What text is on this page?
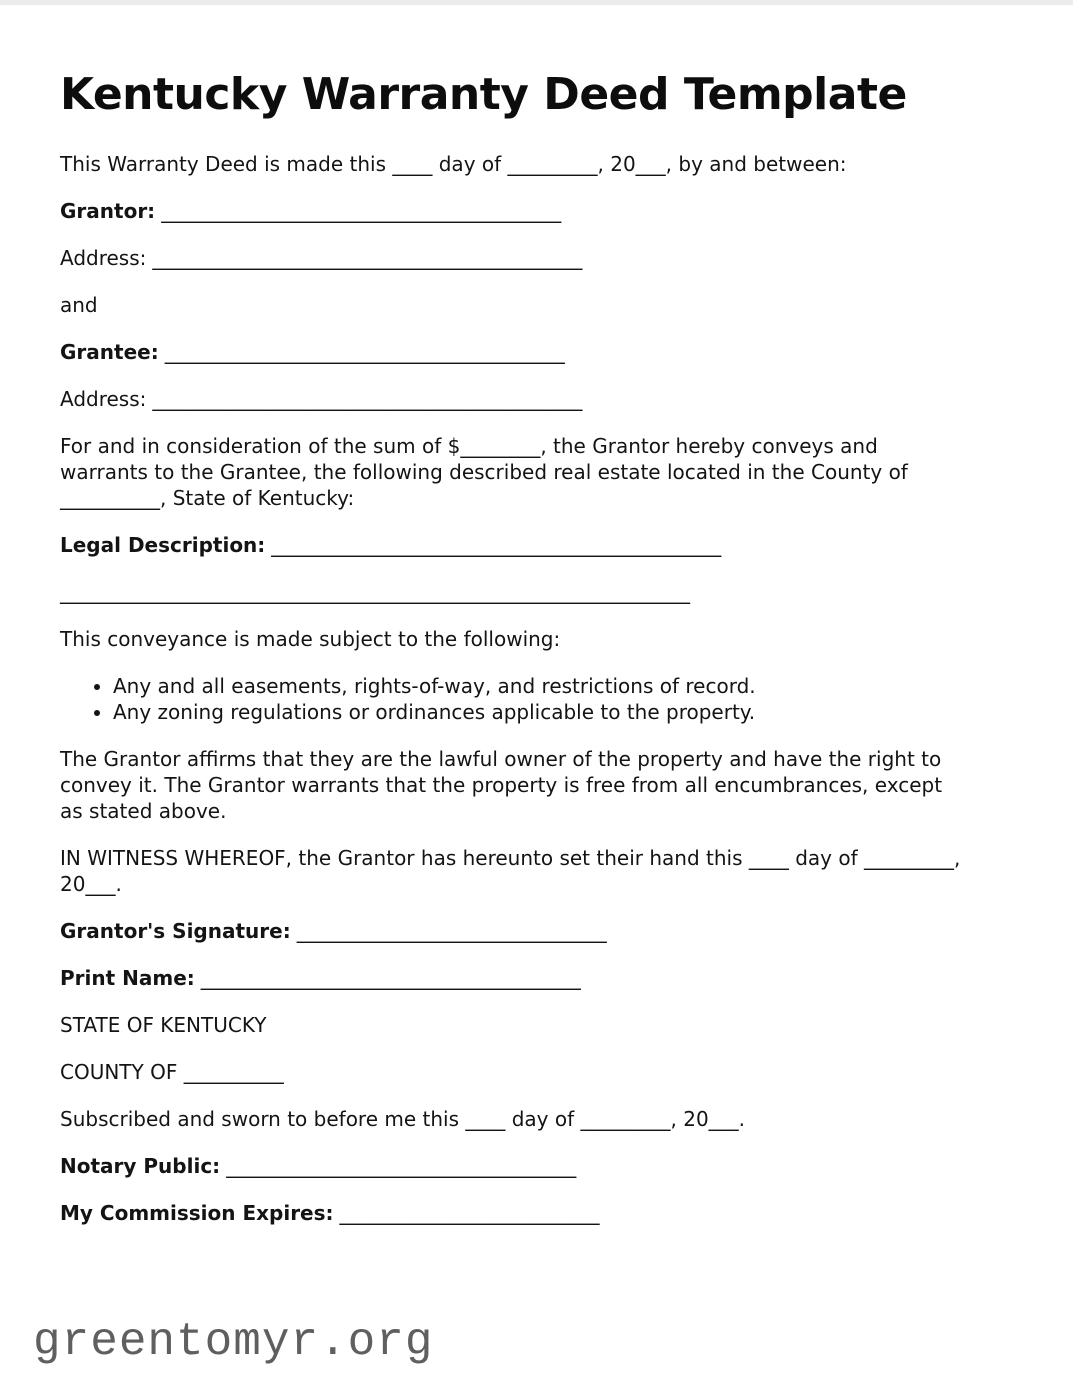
Kentucky Warranty Deed Template

This Warranty Deed is made this ____ day of _________, 20___, by and between:

Grantor: ________________________________________

Address: ___________________________________________

and

Grantee: ________________________________________

Address: ___________________________________________

For and in consideration of the sum of $________, the Grantor hereby conveys and
warrants to the Grantee, the following described real estate located in the County of
__________, State of Kentucky:

Legal Description: _____________________________________________

_______________________________________________________________

This conveyance is made subject to the following:

• Any and all easements, rights-of-way, and restrictions of record.
• Any zoning regulations or ordinances applicable to the property.
The Grantor affirms that they are the lawful owner of the property and have the right to
convey it. The Grantor warrants that the property is free from all encumbrances, except
as stated above.
IN WITNESS WHEREOF, the Grantor has hereunto set their hand this ____ day of _________,
20___.

Grantor's Signature: _______________________________

Print Name: ______________________________________

STATE OF KENTUCKY

COUNTY OF __________

Subscribed and sworn to before me this ____ day of _________, 20___.

Notary Public: ___________________________________

My Commission Expires: __________________________

greentomyr.org
